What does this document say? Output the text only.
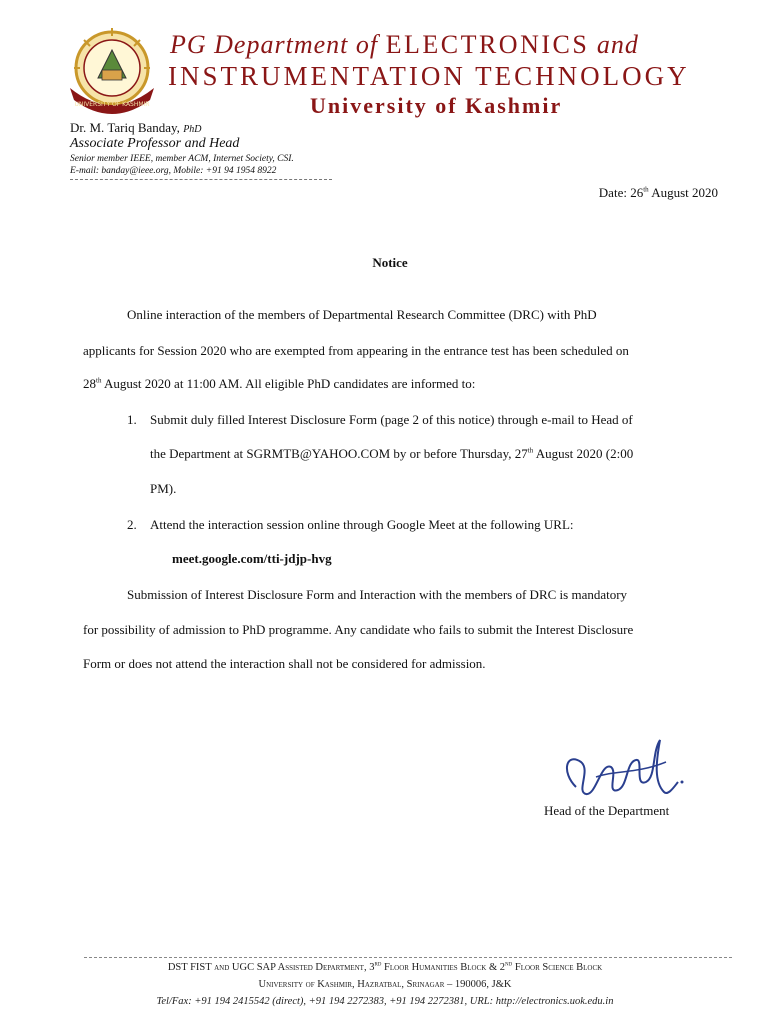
UNIVERSITY OF KASHMIR
PG Department of ELECTRONICS and
INSTRUMENTATION TECHNOLOGY
University of Kashmir
Dr. M. Tariq Banday, PhD
Associate Professor and Head
Senior member IEEE, member ACM, Internet Society, CSI.
E-mail: banday@ieee.org, Mobile: +91 94 1954 8922
Date: 26th August 2020
Notice
Online interaction of the members of Departmental Research Committee (DRC) with PhD
applicants for Session 2020 who are exempted from appearing in the entrance test has been scheduled on
28th August 2020 at 11:00 AM. All eligible PhD candidates are informed to:
1. Submit duly filled Interest Disclosure Form (page 2 of this notice) through e-mail to Head of
the Department at SGRMTB@YAHOO.COM by or before Thursday, 27th August 2020 (2:00
PM).
2. Attend the interaction session online through Google Meet at the following URL:
meet.google.com/tti-jdjp-hvg
Submission of Interest Disclosure Form and Interaction with the members of DRC is mandatory
for possibility of admission to PhD programme. Any candidate who fails to submit the Interest Disclosure
Form or does not attend the interaction shall not be considered for admission.
Head of the Department
DST FIST and UGC SAP Assisted Department, 3rd Floor Humanities Block & 2nd Floor Science Block
University of Kashmir, Hazratbal, Srinagar – 190006, J&K
Tel/Fax: +91 194 2415542 (direct), +91 194 2272383, +91 194 2272381, URL: http://electronics.uok.edu.in
